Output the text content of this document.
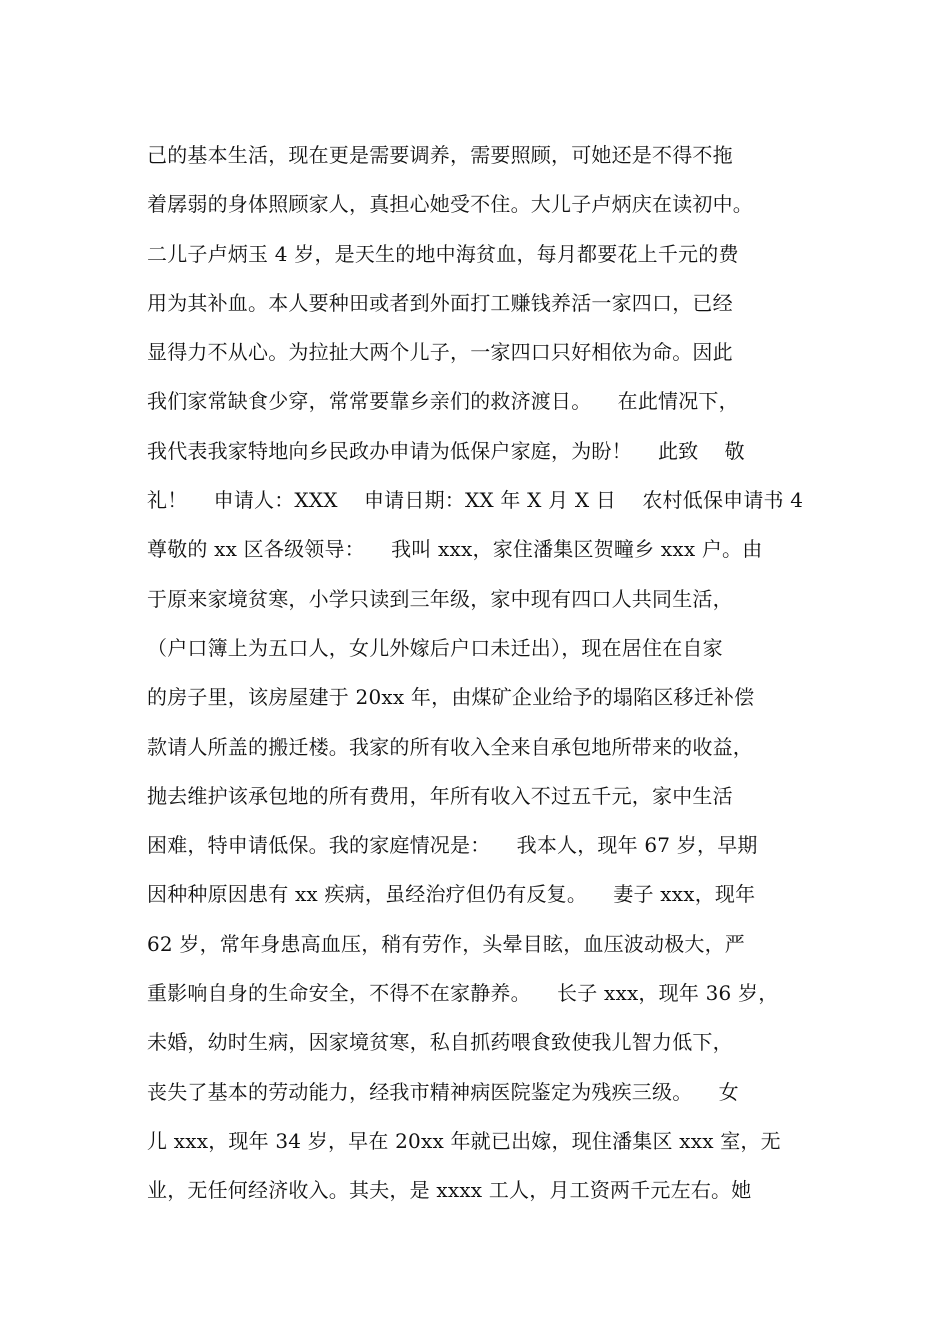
己的基本生活，现在更是需要调养，需要照顾，可她还是不得不拖
着孱弱的身体照顾家人，真担心她受不住。大儿子卢炳庆在读初中。
二儿子卢炳玉 4 岁，是天生的地中海贫血，每月都要花上千元的费
用为其补血。本人要种田或者到外面打工赚钱养活一家四口，已经
显得力不从心。为拉扯大两个儿子，一家四口只好相依为命。因此
我们家常缺食少穿，常常要靠乡亲们的救济渡日。    在此情况下，
我代表我家特地向乡民政办申请为低保户家庭，为盼！    此致    敬
礼！    申请人：XXX    申请日期：XX 年 X 月 X 日    农村低保申请书 4
尊敬的 xx 区各级领导：    我叫 xxx，家住潘集区贺疃乡 xxx 户。由
于原来家境贫寒，小学只读到三年级，家中现有四口人共同生活，
（户口簿上为五口人，女儿外嫁后户口未迁出），现在居住在自家
的房子里，该房屋建于 20xx 年，由煤矿企业给予的塌陷区移迁补偿
款请人所盖的搬迁楼。我家的所有收入全来自承包地所带来的收益，
抛去维护该承包地的所有费用，年所有收入不过五千元，家中生活
困难，特申请低保。我的家庭情况是：    我本人，现年 67 岁，早期
因种种原因患有 xx 疾病，虽经治疗但仍有反复。    妻子 xxx，现年
62 岁，常年身患高血压，稍有劳作，头晕目眩，血压波动极大，严
重影响自身的生命安全，不得不在家静养。    长子 xxx，现年 36 岁，
未婚，幼时生病，因家境贫寒，私自抓药喂食致使我儿智力低下，
丧失了基本的劳动能力，经我市精神病医院鉴定为残疾三级。    女
儿 xxx，现年 34 岁，早在 20xx 年就已出嫁，现住潘集区 xxx 室，无
业，无任何经济收入。其夫，是 xxxx 工人，月工资两千元左右。她
